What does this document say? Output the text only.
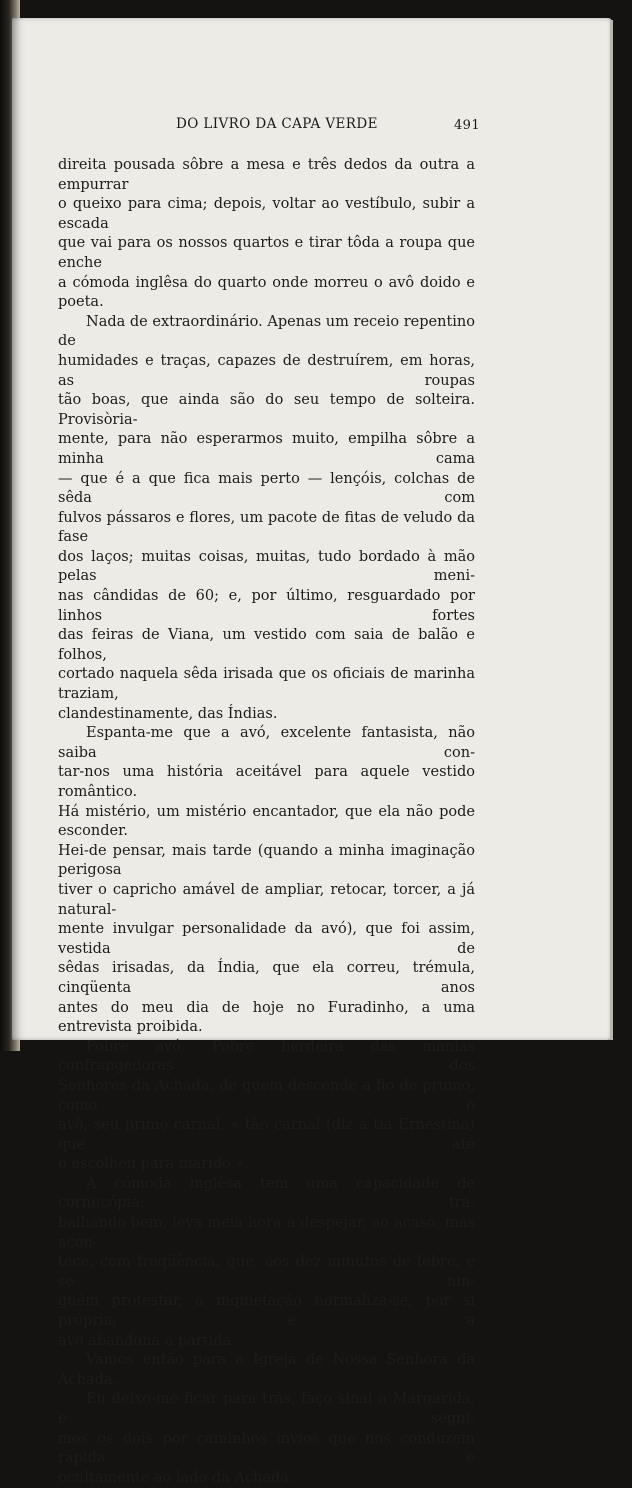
DO LIVRO DA CAPA VERDE	491

direita pousada sôbre a mesa e três dedos da outra a empurrar

o queixo para cima; depois, voltar ao vestíbulo, subir a escada

que vai para os nossos quartos e tirar tôda a roupa que enche

a cómoda inglêsa do quarto onde morreu o avô doido e poeta.

Nada de extraordinário. Apenas um receio repentino de

humidades e traças, capazes de destruírem, em horas, as roupas

tão boas, que ainda são do seu tempo de solteira. Provisòria-

mente, para não esperarmos muito, empilha sôbre a minha cama

— que é a que fica mais perto — lençóis, colchas de sêda com

fulvos pássaros e flores, um pacote de fitas de veludo da fase

dos laços; muitas coisas, muitas, tudo bordado à mão pelas meni-

nas cândidas de 60; e, por último, resguardado por linhos fortes

das feiras de Viana, um vestido com saia de balão e folhos,

cortado naquela sêda irisada que os oficiais de marinha traziam,

clandestinamente, das Índias.

Espanta-me que a avó, excelente fantasista, não saiba con-

tar-nos uma história aceitável para aquele vestido romântico.

Há mistério, um mistério encantador, que ela não pode esconder.

Hei-de pensar, mais tarde (quando a minha imaginação perigosa

tiver o capricho amável de ampliar, retocar, torcer, a já natural-

mente invulgar personalidade da avó), que foi assim, vestida de

sêdas irisadas, da Índia, que ela correu, trémula, cinqüenta anos

antes do meu dia de hoje no Furadinho, a uma entrevista proibida.

Pobre avó. Pobre herdeira das manias confrangedoras dos

Senhores da Achada, de quem descende a fio de prumo, como o

avô, seu primo carnal, « tão carnal (diz a tia Ernestina) que até

o escolheu para marido ».

A cómoda inglêsa tem uma capacidade de cornucópia; tra-

balhando bem, leva meia hora a despejar, ao acaso, mas acon-

tece, com freqüência, que, aos dez minutos de febre, e se nin-

guém protestar, a inquietação normaliza-se, por si própria, e a

avó abandona a partida.

Vamos então para a Igreja de Nossa Senhora da Achada.

Eu deixo-me ficar para trás, faço sinal à Margarida, e segui-

mos os dois por caminhos ínvios que nos conduzem rápida e

ocultamente ao lado da Achada.
